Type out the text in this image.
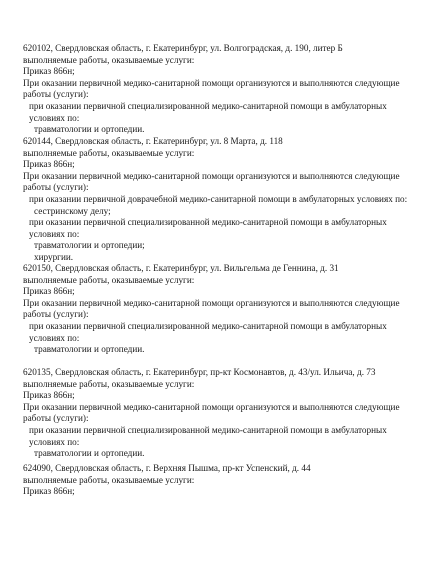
620102, Свердловская область, г. Екатеринбург, ул. Волгоградская, д. 190, литер Б
выполняемые работы, оказываемые услуги:
Приказ 866н;
При оказании первичной медико-санитарной помощи организуются и выполняются следующие работы (услуги):
при оказании первичной специализированной медико-санитарной помощи в амбулаторных условиях по:
травматологии и ортопедии.
620144, Свердловская область, г. Екатеринбург, ул. 8 Марта, д. 118
выполняемые работы, оказываемые услуги:
Приказ 866н;
При оказании первичной медико-санитарной помощи организуются и выполняются следующие работы (услуги):
при оказании первичной доврачебной медико-санитарной помощи в амбулаторных условиях по:
сестринскому делу;
при оказании первичной специализированной медико-санитарной помощи в амбулаторных условиях по:
травматологии и ортопедии;
хирургии.
620150, Свердловская область, г. Екатеринбург, ул. Вильгельма де Геннина, д. 31
выполняемые работы, оказываемые услуги:
Приказ 866н;
При оказании первичной медико-санитарной помощи организуются и выполняются следующие работы (услуги):
при оказании первичной специализированной медико-санитарной помощи в амбулаторных условиях по:
травматологии и ортопедии.
620135, Свердловская область, г. Екатеринбург, пр-кт Космонавтов, д. 43/ул. Ильича, д. 73
выполняемые работы, оказываемые услуги:
Приказ 866н;
При оказании первичной медико-санитарной помощи организуются и выполняются следующие работы (услуги):
при оказании первичной специализированной медико-санитарной помощи в амбулаторных условиях по:
травматологии и ортопедии.
624090, Свердловская область, г. Верхняя Пышма, пр-кт Успенский, д. 44
выполняемые работы, оказываемые услуги:
Приказ 866н;
